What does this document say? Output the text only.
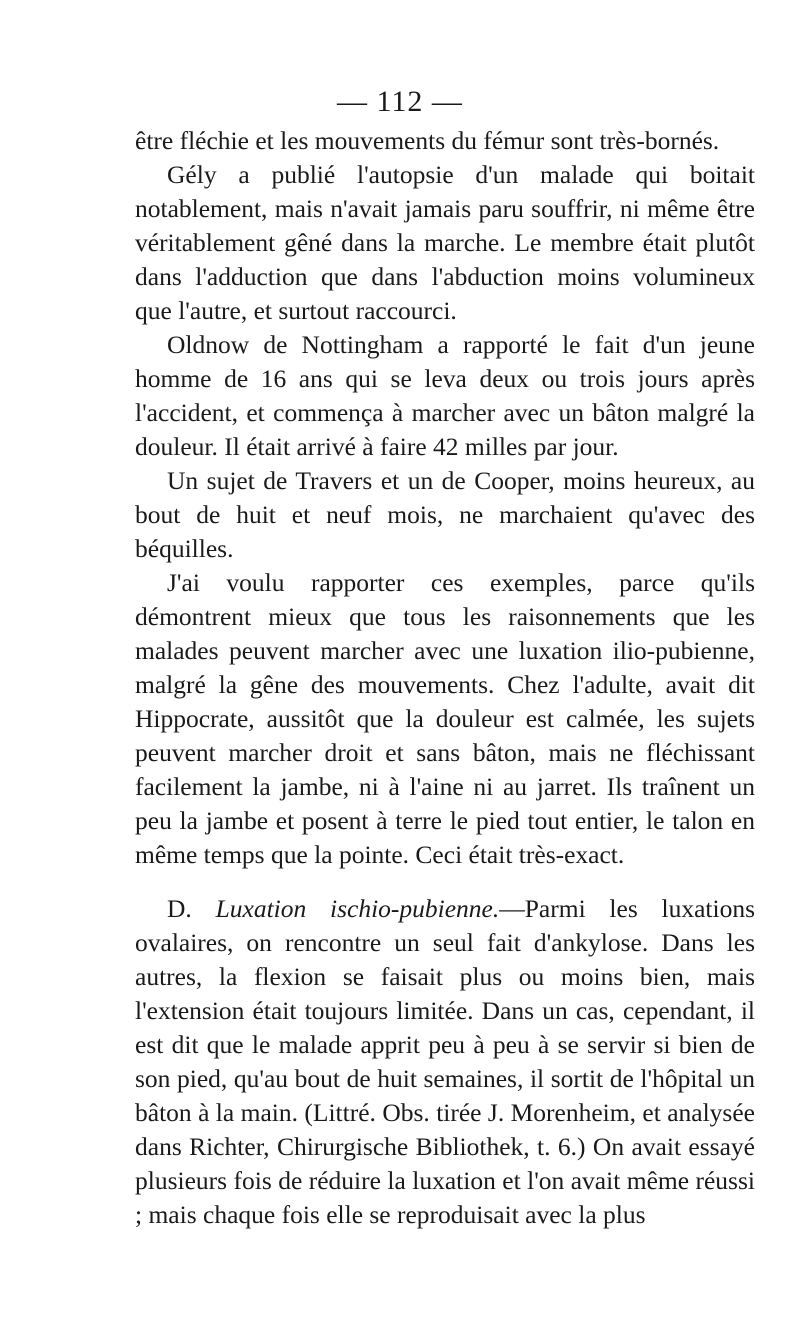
— 112 —

être fléchie et les mouvements du fémur sont très-bornés.

Gély a publié l'autopsie d'un malade qui boitait notablement, mais n'avait jamais paru souffrir, ni même être véritablement gêné dans la marche. Le membre était plutôt dans l'adduction que dans l'abduction moins volumineux que l'autre, et surtout raccourci.

Oldnow de Nottingham a rapporté le fait d'un jeune homme de 16 ans qui se leva deux ou trois jours après l'accident, et commença à marcher avec un bâton malgré la douleur. Il était arrivé à faire 42 milles par jour.

Un sujet de Travers et un de Cooper, moins heureux, au bout de huit et neuf mois, ne marchaient qu'avec des béquilles.

J'ai voulu rapporter ces exemples, parce qu'ils démontrent mieux que tous les raisonnements que les malades peuvent marcher avec une luxation ilio-pubienne, malgré la gêne des mouvements. Chez l'adulte, avait dit Hippocrate, aussitôt que la douleur est calmée, les sujets peuvent marcher droit et sans bâton, mais ne fléchissant facilement la jambe, ni à l'aine ni au jarret. Ils traînent un peu la jambe et posent à terre le pied tout entier, le talon en même temps que la pointe. Ceci était très-exact.

D. Luxation ischio-pubienne.—Parmi les luxations ovalaires, on rencontre un seul fait d'ankylose. Dans les autres, la flexion se faisait plus ou moins bien, mais l'extension était toujours limitée. Dans un cas, cependant, il est dit que le malade apprit peu à peu à se servir si bien de son pied, qu'au bout de huit semaines, il sortit de l'hôpital un bâton à la main. (Littré. Obs. tirée J. Morenheim, et analysée dans Richter, Chirurgische Bibliothek, t. 6.) On avait essayé plusieurs fois de réduire la luxation et l'on avait même réussi ; mais chaque fois elle se reproduisait avec la plus
